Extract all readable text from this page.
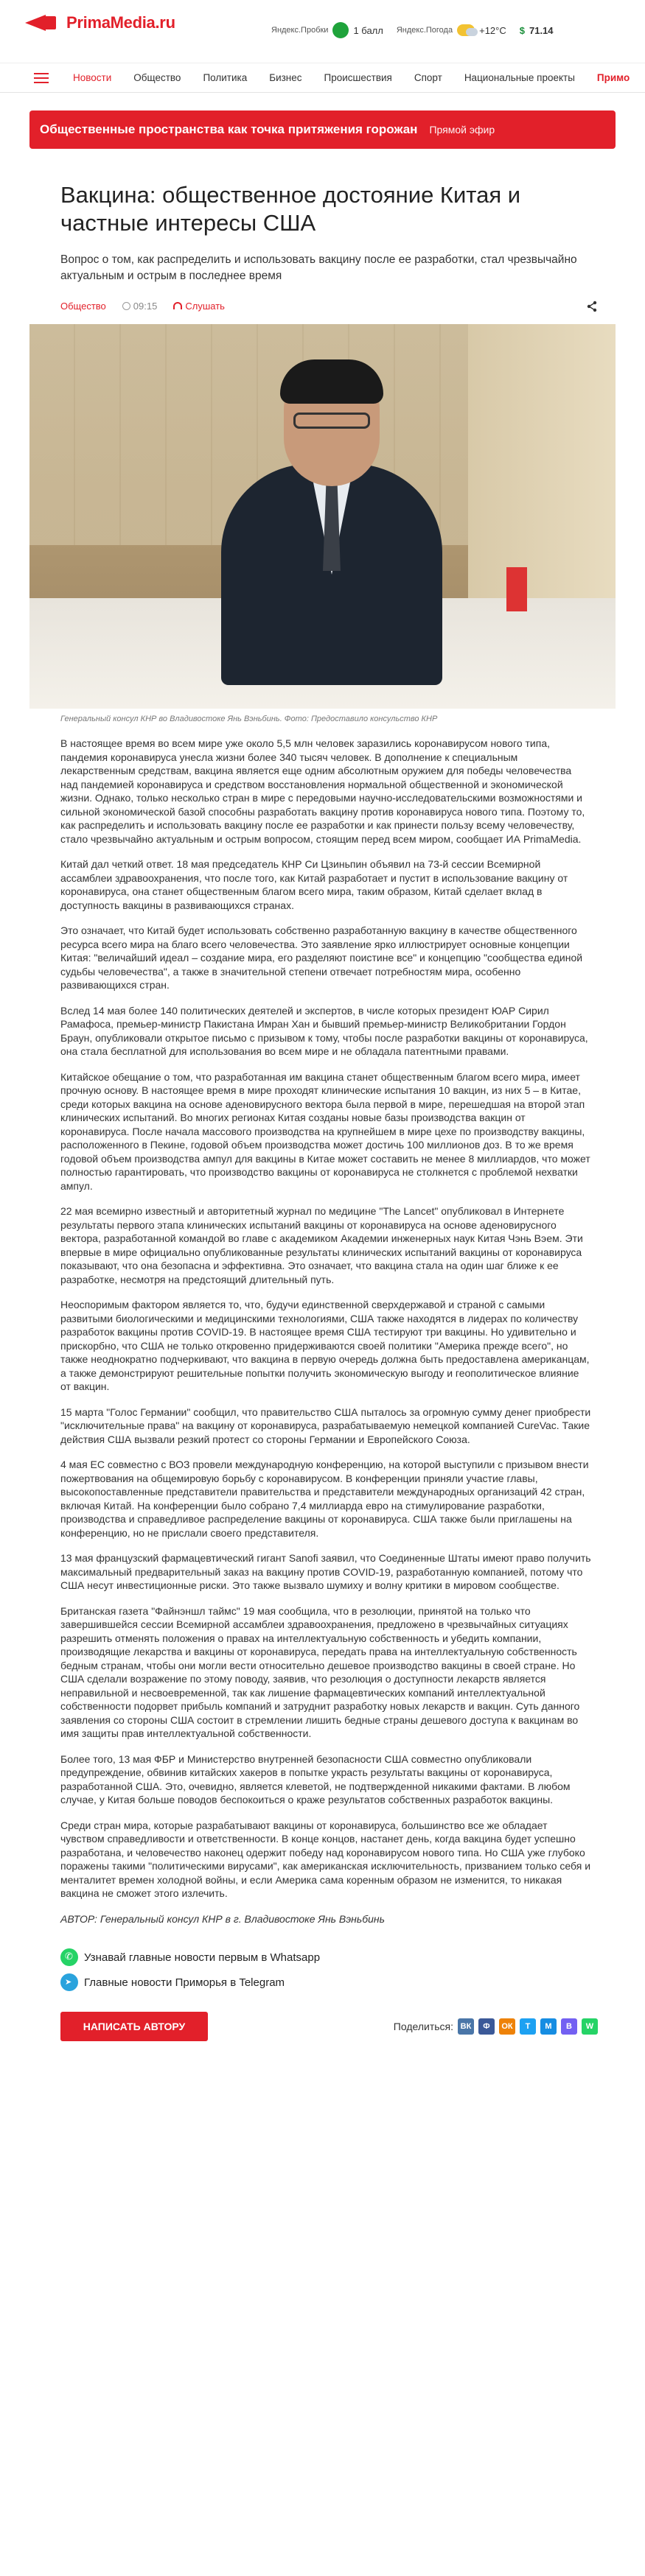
PrimaMedia.ru	Яндекс.Пробки	1 балл Яндекс.Погода	+12°C $ 71.14
Новости	Общество	Политика	Бизнес	Происшествия	Спорт	Национальные проекты	Примо
Общественные пространства как точка притяжения горожан Прямой эфир
Вакцина: общественное достояние Китая и частные интересы США

Вопрос о том, как распределить и использовать вакцину после ее разработки, стал чрезвычайно актуальным и острым в последнее время

Общество	09:15	Слушать

Генеральный консул КНР во Владивостоке Янь Вэньбинь. Фото: Предоставило консульство КНР

В настоящее время во всем мире уже около 5,5 млн человек заразились коронавирусом нового типа, пандемия коронавируса унесла жизни более 340 тысяч человек. В дополнение к специальным лекарственным средствам, вакцина является еще одним абсолютным оружием для победы человечества над пандемией коронавируса и средством восстановления нормальной общественной и экономической жизни. Однако, только несколько стран в мире с передовыми научно-исследовательскими возможностями и сильной экономической базой способны разработать вакцину против коронавируса нового типа. Поэтому то, как распределить и использовать вакцину после ее разработки и как принести пользу всему человечеству, стало чрезвычайно актуальным и острым вопросом, стоящим перед всем миром, сообщает ИА PrimaMedia.

Китай дал четкий ответ. 18 мая председатель КНР Си Цзиньпин объявил на 73-й сессии Всемирной ассамблеи здравоохранения, что после того, как Китай разработает и пустит в использование вакцину от коронавируса, она станет общественным благом всего мира, таким образом, Китай сделает вклад в доступность вакцины в развивающихся странах.

Это означает, что Китай будет использовать собственно разработанную вакцину в качестве общественного ресурса всего мира на благо всего человечества. Это заявление ярко иллюстрирует основные концепции Китая: "величайший идеал – создание мира, его разделяют поистине все" и концепцию "сообщества единой судьбы человечества", а также в значительной степени отвечает потребностям мира, особенно развивающихся стран.

Вслед 14 мая более 140 политических деятелей и экспертов, в числе которых президент ЮАР Сирил Рамафоса, премьер-министр Пакистана Имран Хан и бывший премьер-министр Великобритании Гордон Браун, опубликовали открытое письмо с призывом к тому, чтобы после разработки вакцины от коронавируса, она стала бесплатной для использования во всем мире и не обладала патентными правами.

Китайское обещание о том, что разработанная им вакцина станет общественным благом всего мира, имеет прочную основу. В настоящее время в мире проходят клинические испытания 10 вакцин, из них 5 – в Китае, среди которых вакцина на основе аденовирусного вектора была первой в мире, перешедшая на второй этап клинических испытаний. Во многих регионах Китая созданы новые базы производства вакцин от коронавируса. После начала массового производства на крупнейшем в мире цехе по производству вакцины, расположенного в Пекине, годовой объем производства может достичь 100 миллионов доз. В то же время годовой объем производства ампул для вакцины в Китае может составить не менее 8 миллиардов, что может полностью гарантировать, что производство вакцины от коронавируса не столкнется с проблемой нехватки ампул.

22 мая всемирно известный и авторитетный журнал по медицине "The Lancet" опубликовал в Интернете результаты первого этапа клинических испытаний вакцины от коронавируса на основе аденовирусного вектора, разработанной командой во главе с академиком Академии инженерных наук Китая Чэнь Вэем. Эти впервые в мире официально опубликованные результаты клинических испытаний вакцины от коронавируса показывают, что она безопасна и эффективна. Это означает, что вакцина стала на один шаг ближе к ее разработке, несмотря на предстоящий длительный путь.

Неоспоримым фактором является то, что, будучи единственной сверхдержавой и страной с самыми развитыми биологическими и медицинскими технологиями, США также находятся в лидерах по количеству разработок вакцины против COVID-19. В настоящее время США тестируют три вакцины. Но удивительно и прискорбно, что США не только откровенно придерживаются своей политики "Америка прежде всего", но также неоднократно подчеркивают, что вакцина в первую очередь должна быть предоставлена американцам, а также демонстрируют решительные попытки получить экономическую выгоду и геополитическое влияние от вакцин.

15 марта "Голос Германии" сообщил, что правительство США пыталось за огромную сумму денег приобрести "исключительные права" на вакцину от коронавируса, разрабатываемую немецкой компанией CureVac. Такие действия США вызвали резкий протест со стороны Германии и Европейского Союза.

4 мая ЕС совместно с ВОЗ провели международную конференцию, на которой выступили с призывом внести пожертвования на общемировую борьбу с коронавирусом. В конференции приняли участие главы, высокопоставленные представители правительства и представители международных организаций 42 стран, включая Китай. На конференции было собрано 7,4 миллиарда евро на стимулирование разработки, производства и справедливое распределение вакцины от коронавируса. США также были приглашены на конференцию, но не прислали своего представителя.

13 мая французский фармацевтический гигант Sanofi заявил, что Соединенные Штаты имеют право получить максимальный предварительный заказ на вакцину против COVID-19, разработанную компанией, потому что США несут инвестиционные риски. Это также вызвало шумиху и волну критики в мировом сообществе.

Британская газета "Файнэншл таймс" 19 мая сообщила, что в резолюции, принятой на только что завершившейся сессии Всемирной ассамблеи здравоохранения, предложено в чрезвычайных ситуациях разрешить отменять положения о правах на интеллектуальную собственность и убедить компании, производящие лекарства и вакцины от коронавируса, передать права на интеллектуальную собственность бедным странам, чтобы они могли вести относительно дешевое производство вакцины в своей стране. Но США сделали возражение по этому поводу, заявив, что резолюция о доступности лекарств является неправильной и несвоевременной, так как лишение фармацевтических компаний интеллектуальной собственности подорвет прибыль компаний и затруднит разработку новых лекарств и вакцин. Суть данного заявления со стороны США состоит в стремлении лишить бедные страны дешевого доступа к вакцинам во имя защиты прав интеллектуальной собственности.

Более того, 13 мая ФБР и Министерство внутренней безопасности США совместно опубликовали предупреждение, обвинив китайских хакеров в попытке украсть результаты вакцины от коронавируса, разработанной США. Это, очевидно, является клеветой, не подтвержденной никакими фактами. В любом случае, у Китая больше поводов беспокоиться о краже результатов собственных разработок вакцины.

Среди стран мира, которые разрабатывают вакцины от коронавируса, большинство все же обладает чувством справедливости и ответственности. В конце концов, настанет день, когда вакцина будет успешно разработана, и человечество наконец одержит победу над коронавирусом нового типа. Но США уже глубоко поражены такими "политическими вирусами", как американская исключительность, призванием только себя и менталитет времен холодной войны, и если Америка сама коренным образом не изменится, то никакая вакцина не сможет этого излечить.

АВТОР: Генеральный консул КНР в г. Владивостоке Янь Вэньбинь

✆
Узнавай главные новости первым в Whatsapp
➤
Главные новости Приморья в Telegram
НАПИСАТЬ АВТОРУ	Поделиться: ВК	Ф	ОК	Т	М	В	W
